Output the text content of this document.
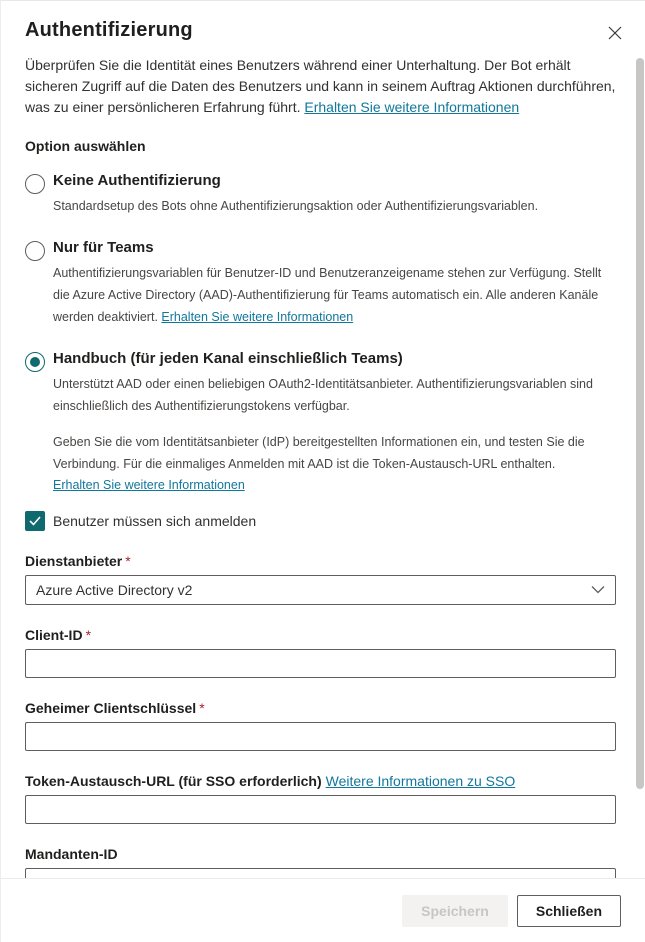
Authentifizierung

Überprüfen Sie die Identität eines Benutzers während einer Unterhaltung. Der Bot erhält sicheren Zugriff auf die Daten des Benutzers und kann in seinem Auftrag Aktionen durchführen, was zu einer persönlicheren Erfahrung führt. Erhalten Sie weitere Informationen

Option auswählen
Keine Authentifizierung
Standardsetup des Bots ohne Authentifizierungsaktion oder Authentifizierungsvariablen.
Nur für Teams
Authentifizierungsvariablen für Benutzer-ID und Benutzeranzeigename stehen zur Verfügung. Stellt die Azure Active Directory (AAD)-Authentifizierung für Teams automatisch ein. Alle anderen Kanäle werden deaktiviert. Erhalten Sie weitere Informationen
Handbuch (für jeden Kanal einschließlich Teams)
Unterstützt AAD oder einen beliebigen OAuth2-Identitätsanbieter. Authentifizierungsvariablen sind einschließlich des Authentifizierungstokens verfügbar.

Geben Sie die vom Identitätsanbieter (IdP) bereitgestellten Informationen ein, und testen Sie die Verbindung. Für die einmaliges Anmelden mit AAD ist die Token-Austausch-URL enthalten. Erhalten Sie weitere Informationen

Benutzer müssen sich anmelden
Dienstanbieter *
Azure Active Directory v2
Client-ID *
Geheimer Clientschlüssel *
Token-Austausch-URL (für SSO erforderlich) Weitere Informationen zu SSO
Mandanten-ID
Speichern	Schließen
